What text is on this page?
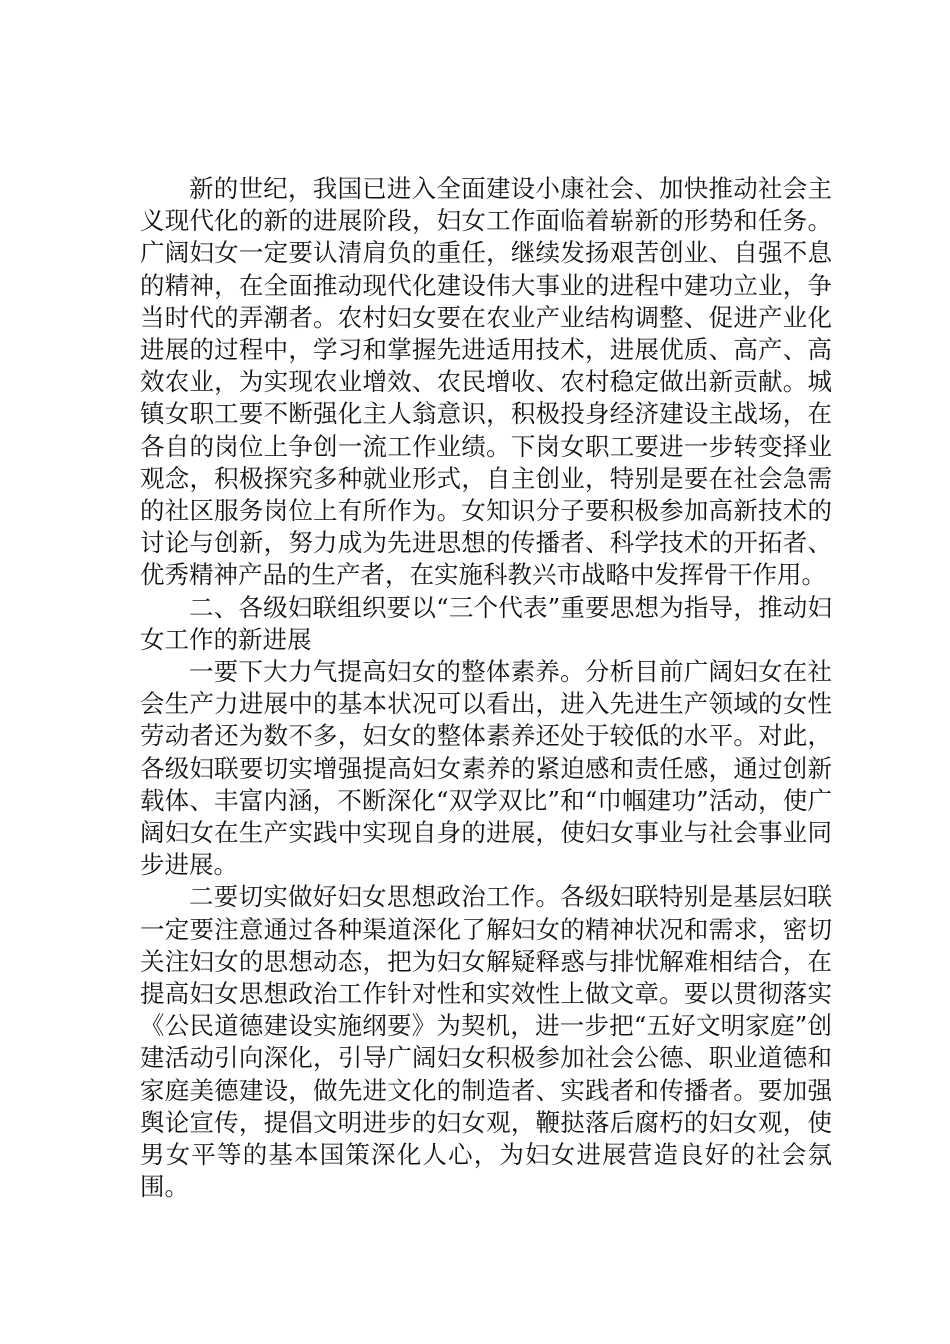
新的世纪，我国已进入全面建设小康社会、加快推动社会主义现代化的新的进展阶段，妇女工作面临着崭新的形势和任务。广阔妇女一定要认清肩负的重任，继续发扬艰苦创业、自强不息的精神，在全面推动现代化建设伟大事业的进程中建功立业，争当时代的弄潮者。农村妇女要在农业产业结构调整、促进产业化进展的过程中，学习和掌握先进适用技术，进展优质、高产、高效农业，为实现农业增效、农民增收、农村稳定做出新贡献。城镇女职工要不断强化主人翁意识，积极投身经济建设主战场，在各自的岗位上争创一流工作业绩。下岗女职工要进一步转变择业观念，积极探究多种就业形式，自主创业，特别是要在社会急需的社区服务岗位上有所作为。女知识分子要积极参加高新技术的讨论与创新，努力成为先进思想的传播者、科学技术的开拓者、优秀精神产品的生产者，在实施科教兴市战略中发挥骨干作用。

二、各级妇联组织要以“三个代表”重要思想为指导，推动妇女工作的新进展

一要下大力气提高妇女的整体素养。分析目前广阔妇女在社会生产力进展中的基本状况可以看出，进入先进生产领域的女性劳动者还为数不多，妇女的整体素养还处于较低的水平。对此，各级妇联要切实增强提高妇女素养的紧迫感和责任感，通过创新载体、丰富内涵，不断深化“双学双比”和“巾帼建功”活动，使广阔妇女在生产实践中实现自身的进展，使妇女事业与社会事业同步进展。

二要切实做好妇女思想政治工作。各级妇联特别是基层妇联一定要注意通过各种渠道深化了解妇女的精神状况和需求，密切关注妇女的思想动态，把为妇女解疑释惑与排忧解难相结合，在提高妇女思想政治工作针对性和实效性上做文章。要以贯彻落实《公民道德建设实施纲要》为契机，进一步把“五好文明家庭”创建活动引向深化，引导广阔妇女积极参加社会公德、职业道德和家庭美德建设，做先进文化的制造者、实践者和传播者。要加强舆论宣传，提倡文明进步的妇女观，鞭挞落后腐朽的妇女观，使男女平等的基本国策深化人心，为妇女进展营造良好的社会氛围。
